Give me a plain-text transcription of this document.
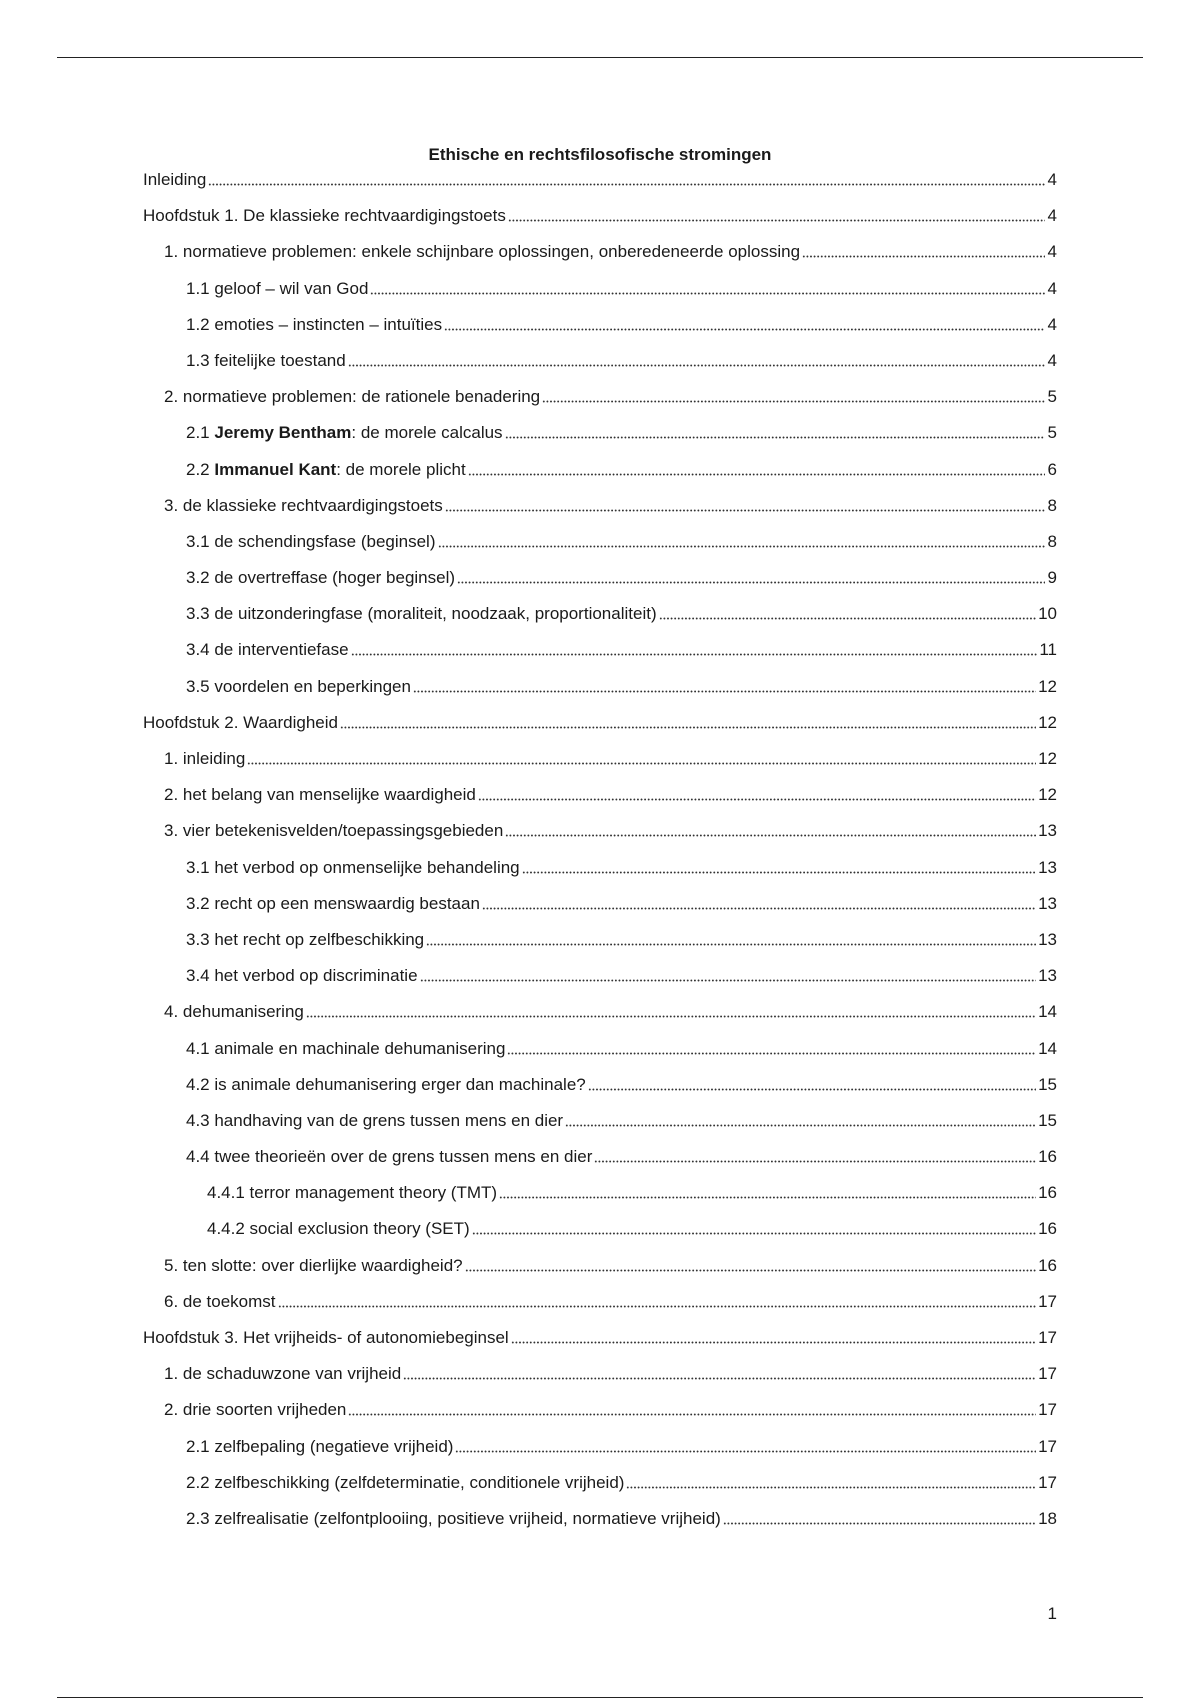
Ethische en rechtsfilosofische stromingen
Inleiding	4
Hoofdstuk 1. De klassieke rechtvaardigingstoets	4
1. normatieve problemen: enkele schijnbare oplossingen, onberedeneerde oplossing	4
1.1 geloof – wil van God	4
1.2 emoties – instincten – intuïties	4
1.3 feitelijke toestand	4
2. normatieve problemen: de rationele benadering	5
2.1 Jeremy Bentham: de morele calcalus	5
2.2 Immanuel Kant: de morele plicht	6
3. de klassieke rechtvaardigingstoets	8
3.1 de schendingsfase (beginsel)	8
3.2 de overtreffase (hoger beginsel)	9
3.3 de uitzonderingfase (moraliteit, noodzaak, proportionaliteit)	10
3.4 de interventiefase	11
3.5 voordelen en beperkingen	12
Hoofdstuk 2. Waardigheid	12
1. inleiding	12
2. het belang van menselijke waardigheid	12
3. vier betekenisvelden/toepassingsgebieden	13
3.1 het verbod op onmenselijke behandeling	13
3.2 recht op een menswaardig bestaan	13
3.3 het recht op zelfbeschikking	13
3.4 het verbod op discriminatie	13
4. dehumanisering	14
4.1 animale en machinale dehumanisering	14
4.2 is animale dehumanisering erger dan machinale?	15
4.3 handhaving van de grens tussen mens en dier	15
4.4 twee theorieën over de grens tussen mens en dier	16
4.4.1 terror management theory (TMT)	16
4.4.2 social exclusion theory (SET)	16
5. ten slotte: over dierlijke waardigheid?	16
6. de toekomst	17
Hoofdstuk 3. Het vrijheids- of autonomiebeginsel	17
1. de schaduwzone van vrijheid	17
2. drie soorten vrijheden	17
2.1 zelfbepaling (negatieve vrijheid)	17
2.2 zelfbeschikking (zelfdeterminatie, conditionele vrijheid)	17
2.3 zelfrealisatie (zelfontplooiing, positieve vrijheid, normatieve vrijheid)	18
1
